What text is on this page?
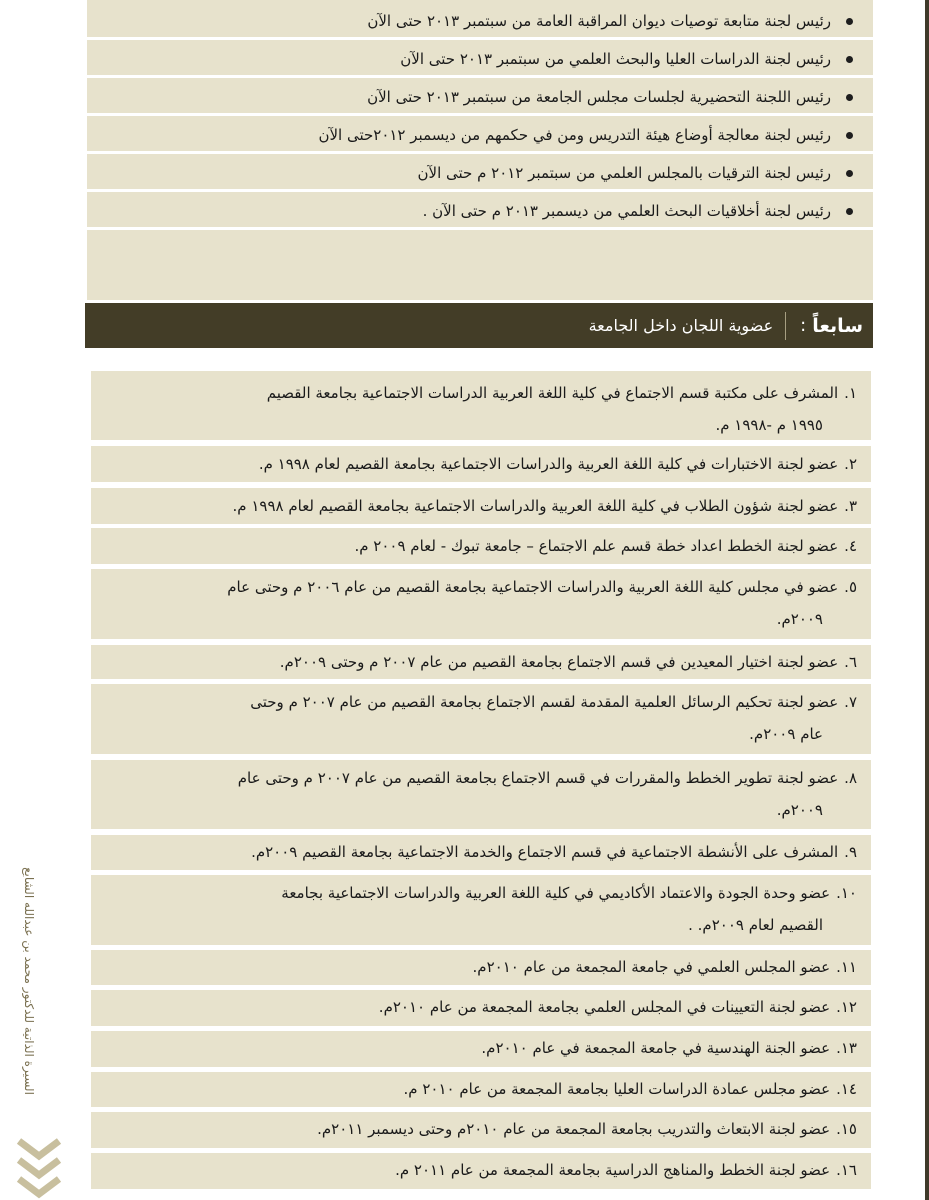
رئيس لجنة متابعة توصيات ديوان المراقبة العامة من سبتمبر ٢٠١٣ حتى الآن
رئيس لجنة الدراسات العليا والبحث العلمي من سبتمبر ٢٠١٣ حتى الآن
رئيس اللجنة التحضيرية لجلسات مجلس الجامعة من سبتمبر ٢٠١٣ حتى الآن
رئيس لجنة معالجة أوضاع هيئة التدريس ومن في حكمهم من ديسمبر ٢٠١٢حتى الآن
رئيس لجنة الترقيات بالمجلس العلمي من سبتمبر ٢٠١٢ م حتى الآن
رئيس لجنة أخلاقيات البحث العلمي من ديسمبر ٢٠١٣ م حتى الآن .
سابعاً
:
عضوية اللجان داخل الجامعة
١.المشرف على مكتبة قسم الاجتماع في كلية اللغة العربية الدراسات الاجتماعية بجامعة القصيم
١٩٩٥ م -١٩٩٨ م.
٢.عضو لجنة الاختبارات في كلية اللغة العربية والدراسات الاجتماعية بجامعة القصيم لعام ١٩٩٨ م.
٣.عضو لجنة شؤون الطلاب في كلية اللغة العربية والدراسات الاجتماعية بجامعة القصيم لعام ١٩٩٨ م.
٤.عضو لجنة الخطط اعداد خطة قسم علم الاجتماع – جامعة تبوك - لعام ٢٠٠٩ م.
٥.عضو في مجلس كلية اللغة العربية والدراسات الاجتماعية بجامعة القصيم من عام ٢٠٠٦ م وحتى عام
٢٠٠٩م.
٦.عضو لجنة اختيار المعيدين في قسم الاجتماع بجامعة القصيم من عام ٢٠٠٧ م وحتى ٢٠٠٩م.
٧.عضو لجنة تحكيم الرسائل العلمية المقدمة لقسم الاجتماع بجامعة القصيم من عام ٢٠٠٧ م وحتى
عام ٢٠٠٩م.
٨.عضو لجنة تطوير الخطط والمقررات في قسم الاجتماع بجامعة القصيم من عام ٢٠٠٧ م وحتى عام
٢٠٠٩م.
٩.المشرف على الأنشطة الاجتماعية في قسم الاجتماع والخدمة الاجتماعية بجامعة القصيم ٢٠٠٩م.
١٠.عضو وحدة الجودة والاعتماد الأكاديمي في كلية اللغة العربية والدراسات الاجتماعية بجامعة
القصيم لعام ٢٠٠٩م. .
١١.عضو المجلس العلمي في جامعة المجمعة من عام ٢٠١٠م.
١٢.عضو لجنة التعيينات في المجلس العلمي بجامعة المجمعة من عام ٢٠١٠م.
١٣.عضو الجنة الهندسية في جامعة المجمعة في عام ٢٠١٠م.
١٤.عضو مجلس عمادة الدراسات العليا بجامعة المجمعة من عام ٢٠١٠ م.
١٥.عضو لجنة الابتعاث والتدريب بجامعة المجمعة من عام ٢٠١٠م وحتى ديسمبر ٢٠١١م.
١٦.عضو لجنة الخطط والمناهج الدراسية بجامعة المجمعة من عام ٢٠١١ م.
السيرة الذاتية للدكتور محمد بن عبدالله الشايع
